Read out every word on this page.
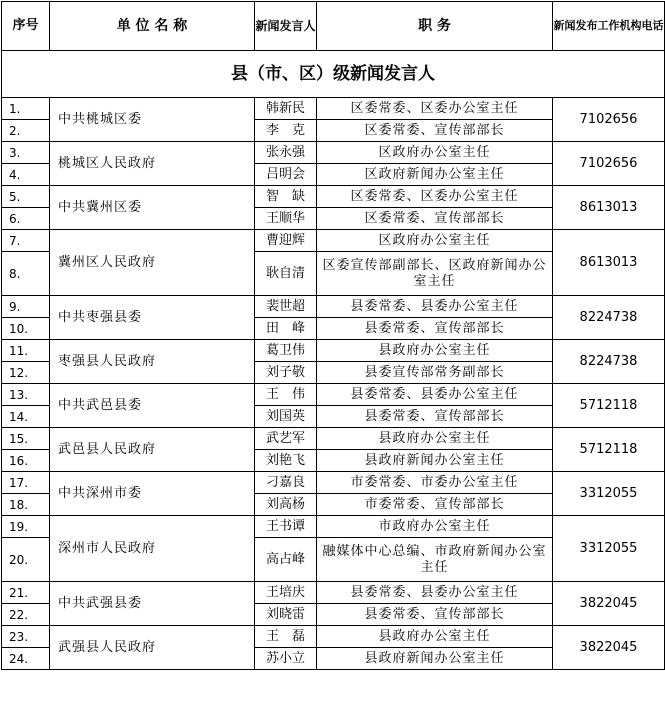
序号	单 位 名 称	新闻发言人	职 务	新闻发布工作机构电话
县（市、区）级新闻发言人				
1.	中共桃城区委	韩新民	区委常委、区委办公室主任	7102656
2.		李　克	区委常委、宣传部部长	
3.	桃城区人民政府	张永强	区政府办公室主任	7102656
4.		吕明会	区政府新闻办公室主任	
5.	中共冀州区委	智　缺	区委常委、区委办公室主任	8613013
6.		王顺华	区委常委、宣传部部长	
7.	冀州区人民政府	曹迎辉	区政府办公室主任	8613013
8.		耿自清	区委宣传部副部长、区政府新闻办公室主任	
9.	中共枣强县委	裴世超	县委常委、县委办公室主任	8224738
10.		田　峰	县委常委、宣传部部长	
11.	枣强县人民政府	葛卫伟	县政府办公室主任	8224738
12.		刘子敬	县委宣传部常务副部长	
13.	中共武邑县委	王　伟	县委常委、县委办公室主任	5712118
14.		刘国英	县委常委、宣传部部长	
15.	武邑县人民政府	武艺军	县政府办公室主任	5712118
16.		刘艳飞	县政府新闻办公室主任	
17.	中共深州市委	刁嘉良	市委常委、市委办公室主任	3312055
18.		刘高杨	市委常委、宣传部部长	
19.	深州市人民政府	王书谭	市政府办公室主任	3312055
20.		高占峰	融媒体中心总编、市政府新闻办公室主任	
21.	中共武强县委	王培庆	县委常委、县委办公室主任	3822045
22.		刘晓雷	县委常委、宣传部部长	
23.	武强县人民政府	王　磊	县政府办公室主任	3822045
24.		苏小立	县政府新闻办公室主任	
